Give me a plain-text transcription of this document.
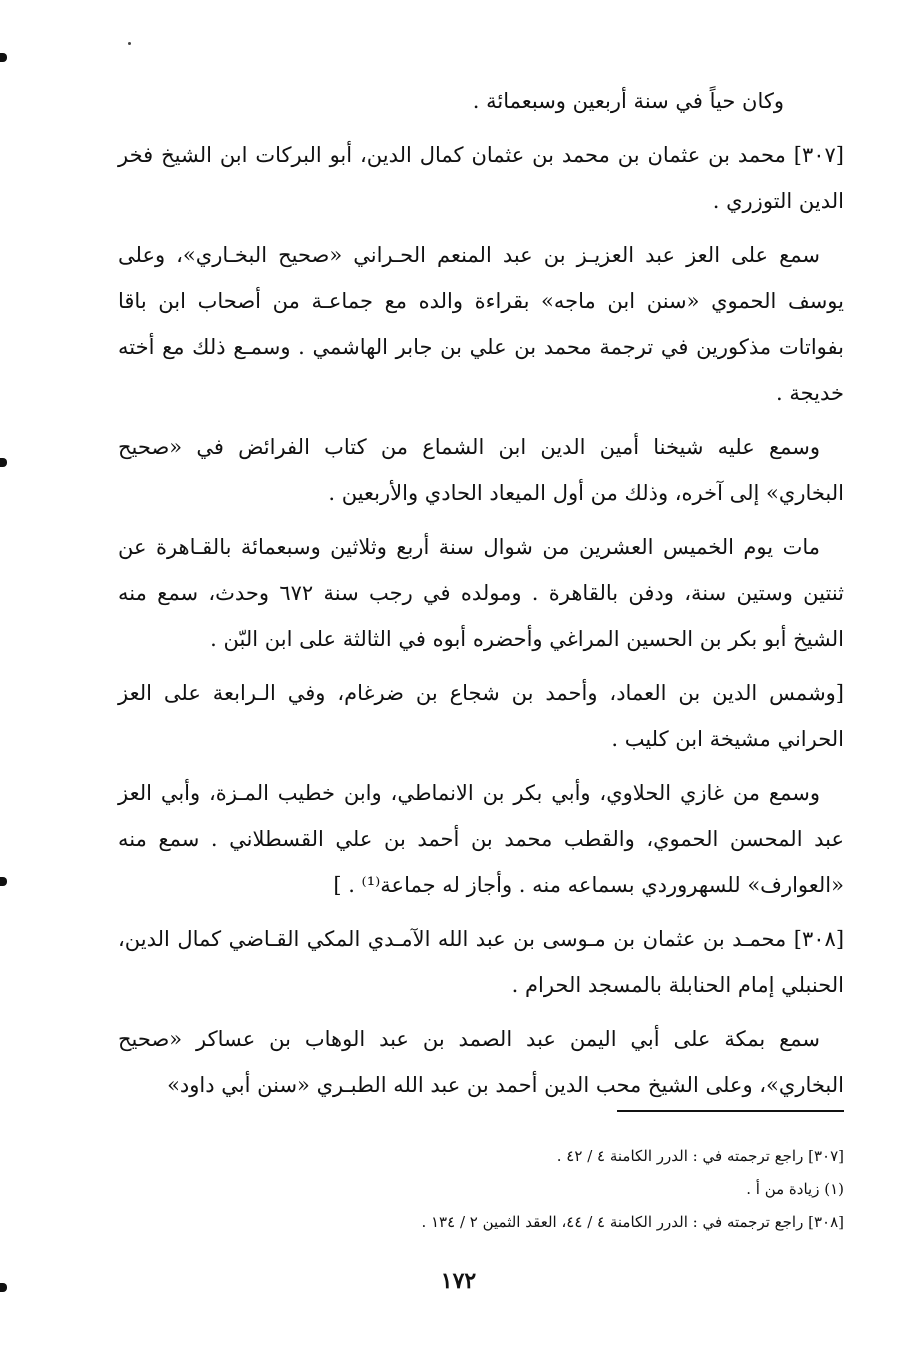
وكان حياً في سنة أربعين وسبعمائة .

[٣٠٧] محمد بن عثمان بن محمد بن عثمان كمال الدين، أبو البركات ابن الشيخ فخر الدين التوزري .

سمع على العز عبد العزيـز بن عبد المنعم الحـراني «صحيح البخـاري»، وعلى يوسف الحموي «سنن ابن ماجه» بقراءة والده مع جماعـة من أصحاب ابن باقا بفواتات مذكورين في ترجمة محمد بن علي بن جابر الهاشمي . وسمـع ذلك مع أخته خديجة .

وسمع عليه شيخنا أمين الدين ابن الشماع من كتاب الفرائض في «صحيح البخاري» إلى آخره، وذلك من أول الميعاد الحادي والأربعين .

مات يوم الخميس العشرين من شوال سنة أربع وثلاثين وسبعمائة بالقـاهرة عن ثنتين وستين سنة، ودفن بالقاهرة . ومولده في رجب سنة ٦٧٢ وحدث، سمع منه الشيخ أبو بكر بن الحسين المراغي وأحضره أبوه في الثالثة على ابن البّن .

[وشمس الدين بن العماد، وأحمد بن شجاع بن ضرغام، وفي الـرابعة على العز الحراني مشيخة ابن كليب .

وسمع من غازي الحلاوي، وأبي بكر بن الانماطي، وابن خطيب المـزة، وأبي العز عبد المحسن الحموي، والقطب محمد بن أحمد بن علي القسطلاني . سمع منه «العوارف» للسهروردي بسماعه منه . وأجاز له جماعة⁽¹⁾ . ]

[٣٠٨] محمـد بن عثمان بن مـوسى بن عبد الله الآمـدي المكي القـاضي كمال الدين، الحنبلي إمام الحنابلة بالمسجد الحرام .

سمع بمكة على أبي اليمن عبد الصمد بن عبد الوهاب بن عساكر «صحيح البخاري»، وعلى الشيخ محب الدين أحمد بن عبد الله الطبـري «سنن أبي داود»

[٣٠٧] راجع ترجمته في : الدرر الكامنة ٤ / ٤٢ .
(١) زيادة من أ .
[٣٠٨] راجع ترجمته في : الدرر الكامنة ٤ / ٤٤، العقد الثمين ٢ / ١٣٤ .
١٧٢
